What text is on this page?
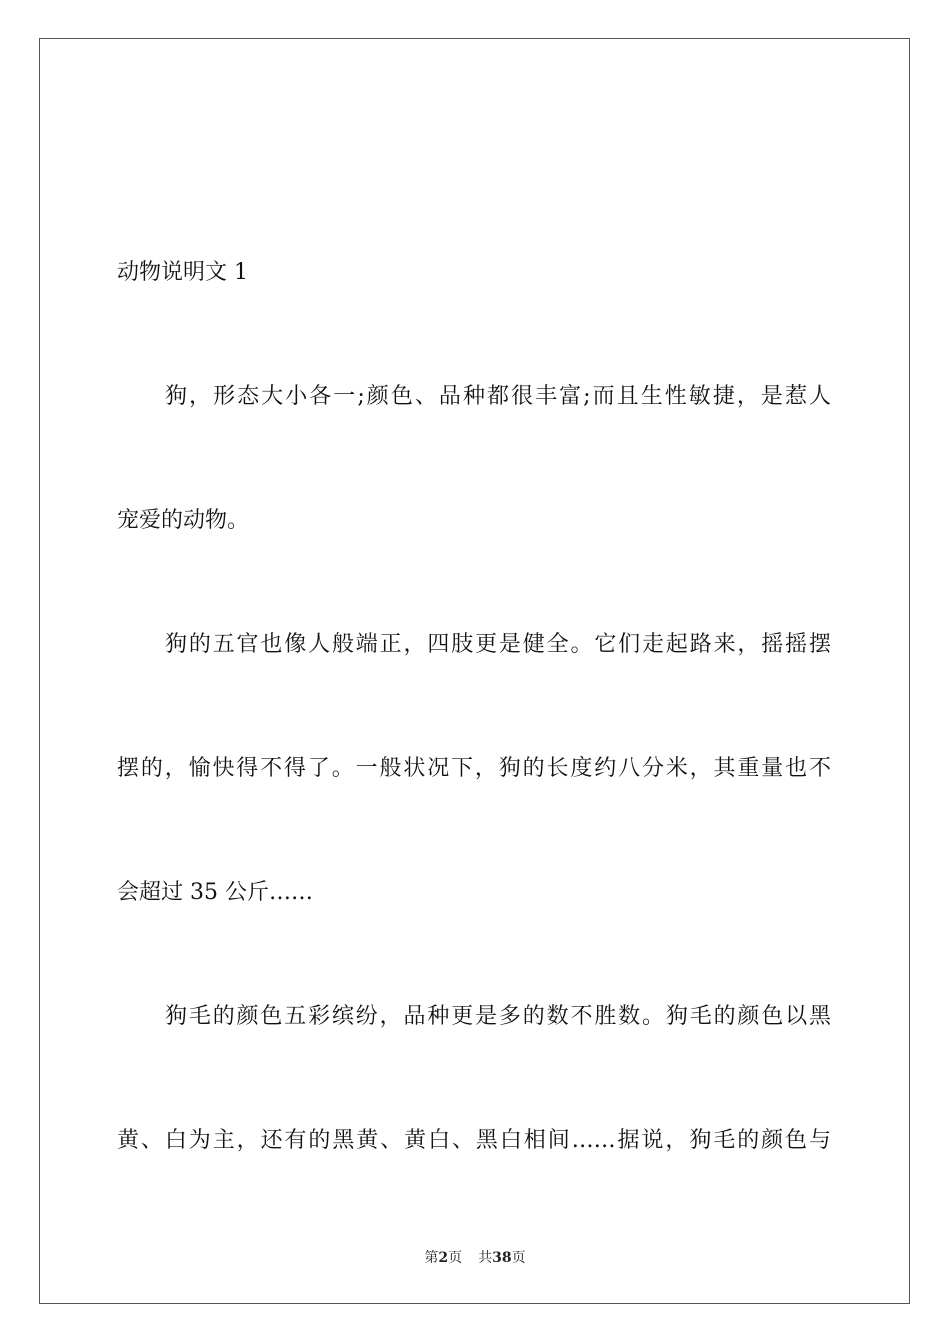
动物说明文 1
狗，形态大小各一;颜色、品种都很丰富;而且生性敏捷，是惹人
宠爱的动物。
狗的五官也像人般端正，四肢更是健全。它们走起路来，摇摇摆
摆的，愉快得不得了。一般状况下，狗的长度约八分米，其重量也不
会超过 35 公斤……
狗毛的颜色五彩缤纷，品种更是多的数不胜数。狗毛的颜色以黑
黄、白为主，还有的黑黄、黄白、黑白相间……据说，狗毛的颜色与
第2页 共38页
